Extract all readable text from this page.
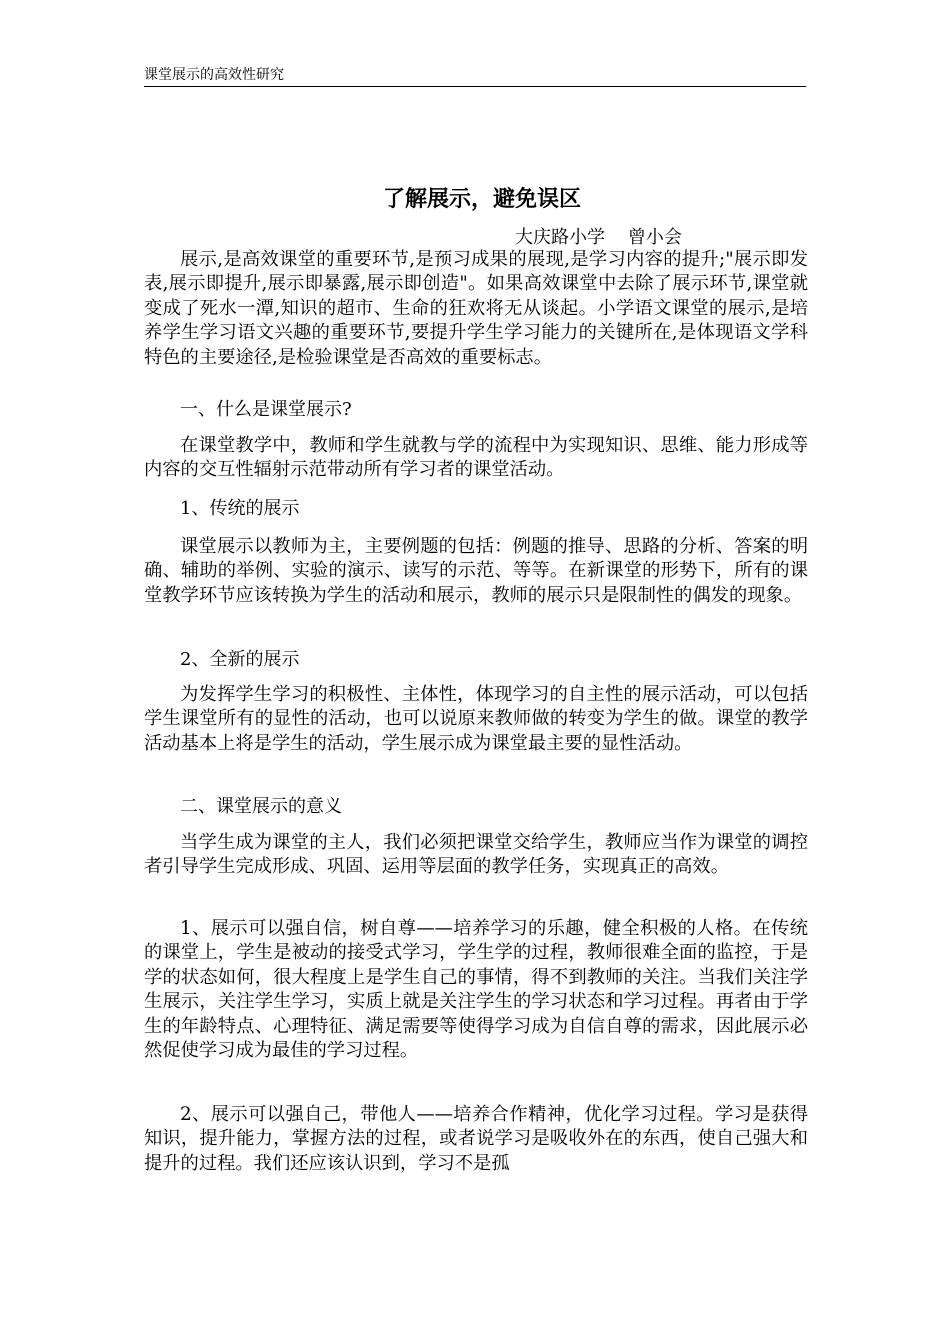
课堂展示的高效性研究
了解展示，避免误区
大庆路小学    曾小会
展示,是高效课堂的重要环节,是预习成果的展现,是学习内容的提升;"展示即发表,展示即提升,展示即暴露,展示即创造"。如果高效课堂中去除了展示环节,课堂就变成了死水一潭,知识的超市、生命的狂欢将无从谈起。小学语文课堂的展示,是培养学生学习语文兴趣的重要环节,要提升学生学习能力的关键所在,是体现语文学科特色的主要途径,是检验课堂是否高效的重要标志。
一、什么是课堂展示?
在课堂教学中，教师和学生就教与学的流程中为实现知识、思维、能力形成等内容的交互性辐射示范带动所有学习者的课堂活动。
1、传统的展示
课堂展示以教师为主，主要例题的包括：例题的推导、思路的分析、答案的明确、辅助的举例、实验的演示、读写的示范、等等。在新课堂的形势下，所有的课堂教学环节应该转换为学生的活动和展示，教师的展示只是限制性的偶发的现象。
2、全新的展示
为发挥学生学习的积极性、主体性，体现学习的自主性的展示活动，可以包括学生课堂所有的显性的活动，也可以说原来教师做的转变为学生的做。课堂的教学活动基本上将是学生的活动，学生展示成为课堂最主要的显性活动。
二、课堂展示的意义
当学生成为课堂的主人，我们必须把课堂交给学生，教师应当作为课堂的调控者引导学生完成形成、巩固、运用等层面的教学任务，实现真正的高效。
1、展示可以强自信，树自尊——培养学习的乐趣，健全积极的人格。在传统的课堂上，学生是被动的接受式学习，学生学的过程，教师很难全面的监控，于是学的状态如何，很大程度上是学生自己的事情，得不到教师的关注。当我们关注学生展示，关注学生学习，实质上就是关注学生的学习状态和学习过程。再者由于学生的年龄特点、心理特征、满足需要等使得学习成为自信自尊的需求，因此展示必然促使学习成为最佳的学习过程。
2、展示可以强自己，带他人——培养合作精神，优化学习过程。学习是获得知识，提升能力，掌握方法的过程，或者说学习是吸收外在的东西，使自己强大和提升的过程。我们还应该认识到，学习不是孤
